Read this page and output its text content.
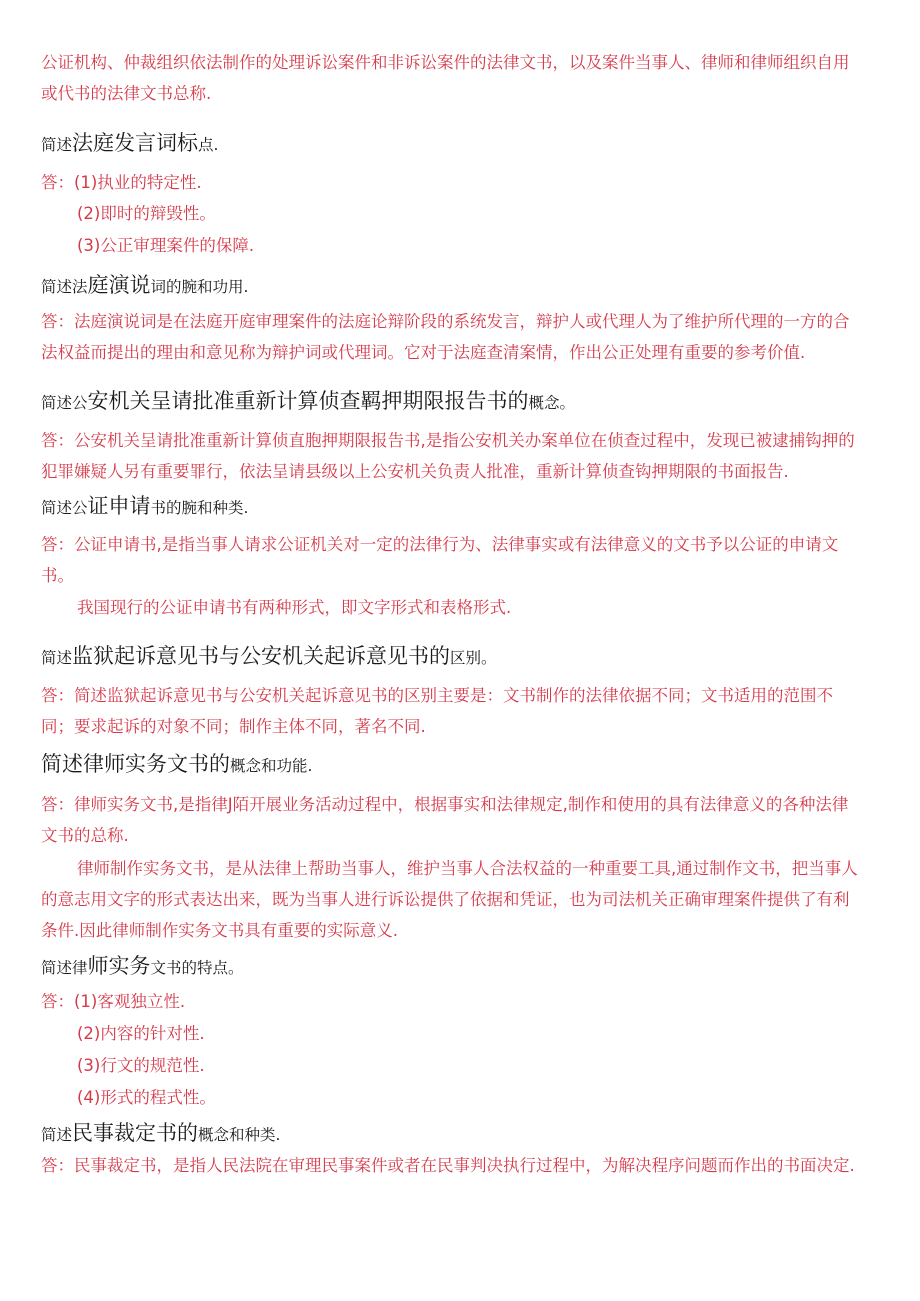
公证机构、仲裁组织依法制作的处理诉讼案件和非诉讼案件的法律文书，以及案件当事人、律师和律师组织自用
或代书的法律文书总称.
简述法庭发言词标点.
答：(1)执业的特定性.
(2)即时的辩毁性。
(3)公正审理案件的保障.
简述法庭演说词的腕和功用.
答：法庭演说词是在法庭开庭审理案件的法庭论辩阶段的系统发言，辩护人或代理人为了维护所代理的一方的合
法权益而提出的理由和意见称为辩护词或代理词。它对于法庭查清案情，作出公正处理有重要的参考价值.
简述公安机关呈请批准重新计算侦查羁押期限报告书的概念。
答：公安机关呈请批准重新计算侦直胞押期限报告书,是指公安机关办案单位在侦查过程中，发现已被逮捕钩押的
犯罪嫌疑人另有重要罪行，依法呈请县级以上公安机关负责人批准，重新计算侦查钩押期限的书面报告.
简述公证申请书的腕和种类.
答：公证申请书,是指当事人请求公证机关对一定的法律行为、法律事实或有法律意义的文书予以公证的申请文
书。
我国现行的公证申请书有两种形式，即文字形式和表格形式.
简述监狱起诉意见书与公安机关起诉意见书的区别。
答：简述监狱起诉意见书与公安机关起诉意见书的区别主要是：文书制作的法律依据不同；文书适用的范围不
同；要求起诉的对象不同；制作主体不同，著名不同.
简述律师实务文书的概念和功能.
答：律师实务文书,是指律J陌开展业务活动过程中，根据事实和法律规定,制作和使用的具有法律意义的各种法律
文书的总称.
律师制作实务文书，是从法律上帮助当事人，维护当事人合法权益的一种重要工具,通过制作文书，把当事人
的意志用文字的形式表达出来，既为当事人进行诉讼提供了依据和凭证，也为司法机关正确审理案件提供了有利
条件.因此律师制作实务文书具有重要的实际意义.
简述律师实务文书的特点。
答：(1)客观独立性.
(2)内容的针对性.
(3)行文的规范性.
(4)形式的程式性。
简述民事裁定书的概念和种类.
答：民事裁定书，是指人民法院在审理民事案件或者在民事判决执行过程中，为解决程序问题而作出的书面决定.
